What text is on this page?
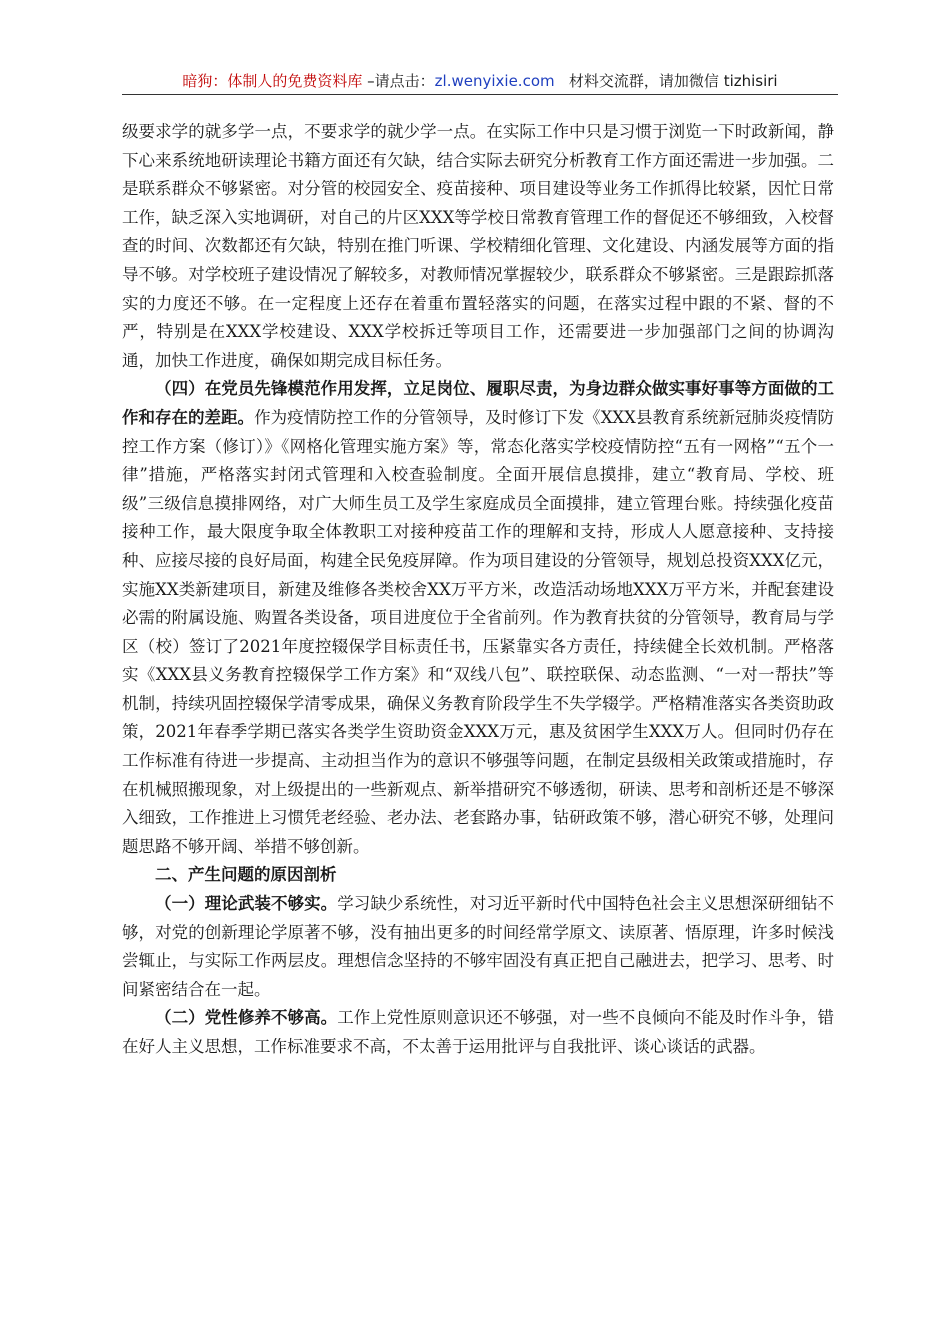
暗狗：体制人的免费资料库 –请点击：zl.wenyixie.com 材料交流群，请加微信 tizhisiri

级要求学的就多学一点，不要求学的就少学一点。在实际工作中只是习惯于浏览一下时政新闻，静下心来系统地研读理论书籍方面还有欠缺，结合实际去研究分析教育工作方面还需进一步加强。二是联系群众不够紧密。对分管的校园安全、疫苗接种、项目建设等业务工作抓得比较紧，因忙日常工作，缺乏深入实地调研，对自己的片区XXX等学校日常教育管理工作的督促还不够细致，入校督查的时间、次数都还有欠缺，特别在推门听课、学校精细化管理、文化建设、内涵发展等方面的指导不够。对学校班子建设情况了解较多，对教师情况掌握较少，联系群众不够紧密。三是跟踪抓落实的力度还不够。在一定程度上还存在着重布置轻落实的问题，在落实过程中跟的不紧、督的不严，特别是在XXX学校建设、XXX学校拆迁等项目工作，还需要进一步加强部门之间的协调沟通，加快工作进度，确保如期完成目标任务。

（四）在党员先锋模范作用发挥，立足岗位、履职尽责，为身边群众做实事好事等方面做的工作和存在的差距。作为疫情防控工作的分管领导，及时修订下发《XXX县教育系统新冠肺炎疫情防控工作方案（修订）》《网格化管理实施方案》等，常态化落实学校疫情防控“五有一网格”“五个一律”措施，严格落实封闭式管理和入校查验制度。全面开展信息摸排，建立“教育局、学校、班级”三级信息摸排网络，对广大师生员工及学生家庭成员全面摸排，建立管理台账。持续强化疫苗接种工作，最大限度争取全体教职工对接种疫苗工作的理解和支持，形成人人愿意接种、支持接种、应接尽接的良好局面，构建全民免疫屏障。作为项目建设的分管领导，规划总投资XXX亿元，实施XX类新建项目，新建及维修各类校舍XX万平方米，改造活动场地XXX万平方米，并配套建设必需的附属设施、购置各类设备，项目进度位于全省前列。作为教育扶贫的分管领导，教育局与学区（校）签订了2021年度控辍保学目标责任书，压紧靠实各方责任，持续健全长效机制。严格落实《XXX县义务教育控辍保学工作方案》和“双线八包”、联控联保、动态监测、“一对一帮扶”等机制，持续巩固控辍保学清零成果，确保义务教育阶段学生不失学辍学。严格精准落实各类资助政策，2021年春季学期已落实各类学生资助资金XXX万元，惠及贫困学生XXX万人。但同时仍存在工作标准有待进一步提高、主动担当作为的意识不够强等问题，在制定县级相关政策或措施时，存在机械照搬现象，对上级提出的一些新观点、新举措研究不够透彻，研读、思考和剖析还是不够深入细致，工作推进上习惯凭老经验、老办法、老套路办事，钻研政策不够，潜心研究不够，处理问题思路不够开阔、举措不够创新。

二、产生问题的原因剖析

（一）理论武装不够实。学习缺少系统性，对习近平新时代中国特色社会主义思想深研细钻不够，对党的创新理论学原著不够，没有抽出更多的时间经常学原文、读原著、悟原理，许多时候浅尝辄止，与实际工作两层皮。理想信念坚持的不够牢固没有真正把自己融进去，把学习、思考、时间紧密结合在一起。

（二）党性修养不够高。工作上党性原则意识还不够强，对一些不良倾向不能及时作斗争，错在好人主义思想，工作标准要求不高，不太善于运用批评与自我批评、谈心谈话的武器。
